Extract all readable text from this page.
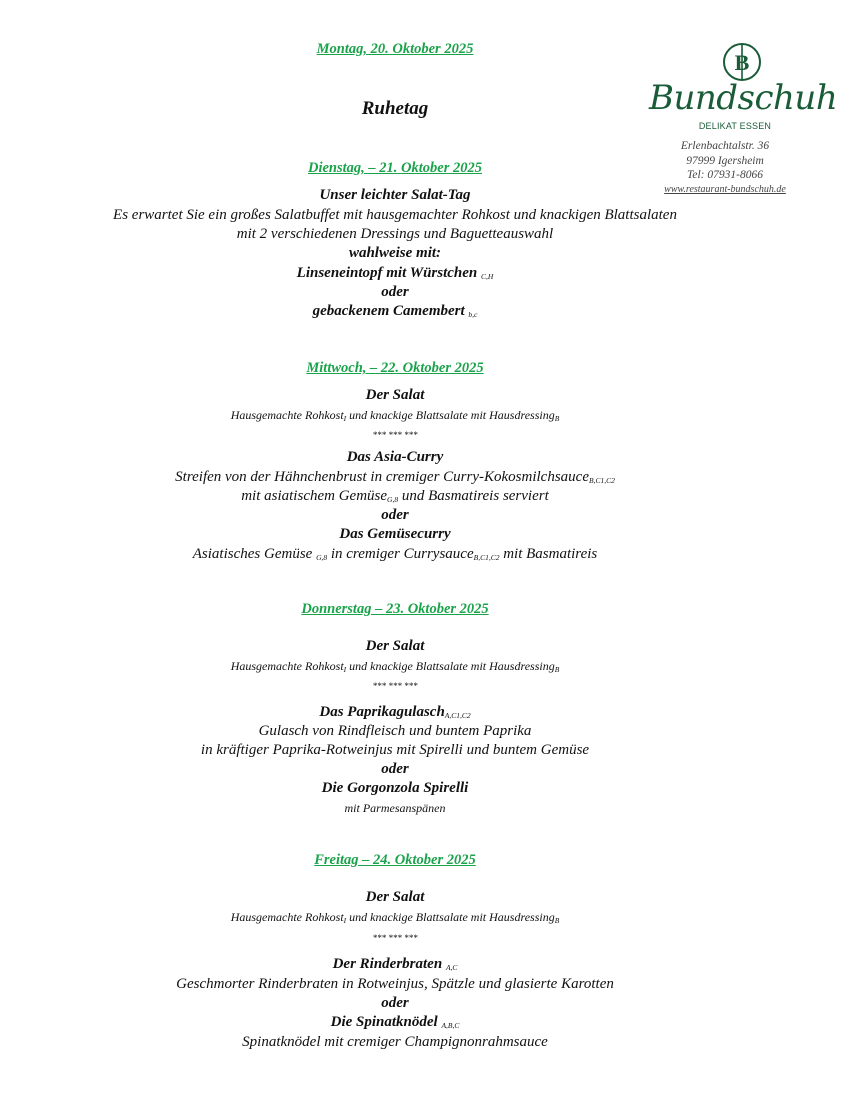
B
Bundschuh
DELIKAT ESSEN
Erlenbachtalstr. 36
97999 Igersheim
Tel: 07931-8066
www.restaurant-bundschuh.de
Montag, 20. Oktober 2025
Ruhetag
Dienstag, – 21. Oktober 2025
Unser leichter Salat-Tag
Es erwartet Sie ein großes Salatbuffet mit hausgemachter Rohkost und knackigen Blattsalaten
mit 2 verschiedenen Dressings und Baguetteauswahl
wahlweise mit:
Linseneintopf mit Würstchen $_{C,H}$
oder
gebackenem Camembert $_{b,c}$
Mittwoch, – 22. Oktober 2025
Der Salat
Hausgemachte Rohkost$_I$ und knackige Blattsalate mit Hausdressing$_B$
*** *** ***
Das Asia-Curry
Streifen von der Hähnchenbrust in cremiger Curry-Kokosmilchsauce$_{B,C1,C2}$
mit asiatischem Gemüse$_{G,8}$ und Basmatireis serviert
oder
Das Gemüsecurry
Asiatisches Gemüse $_{G,8}$ in cremiger Currysauce$_{B,C1,C2}$ mit Basmatireis
Donnerstag – 23. Oktober 2025
Der Salat
Hausgemachte Rohkost$_I$ und knackige Blattsalate mit Hausdressing$_B$
*** *** ***
Das Paprikagulasch$_{A,C1,C2}$
Gulasch von Rindfleisch und buntem Paprika
in kräftiger Paprika-Rotweinjus mit Spirelli und buntem Gemüse
oder
Die Gorgonzola Spirelli
mit Parmesanspänen
Freitag – 24. Oktober 2025
Der Salat
Hausgemachte Rohkost$_I$ und knackige Blattsalate mit Hausdressing$_B$
*** *** ***
Der Rinderbraten $_{A,C}$
Geschmorter Rinderbraten in Rotweinjus, Spätzle und glasierte Karotten
oder
Die Spinatknödel $_{A,B,C}$
Spinatknödel mit cremiger Champignonrahmsauce
